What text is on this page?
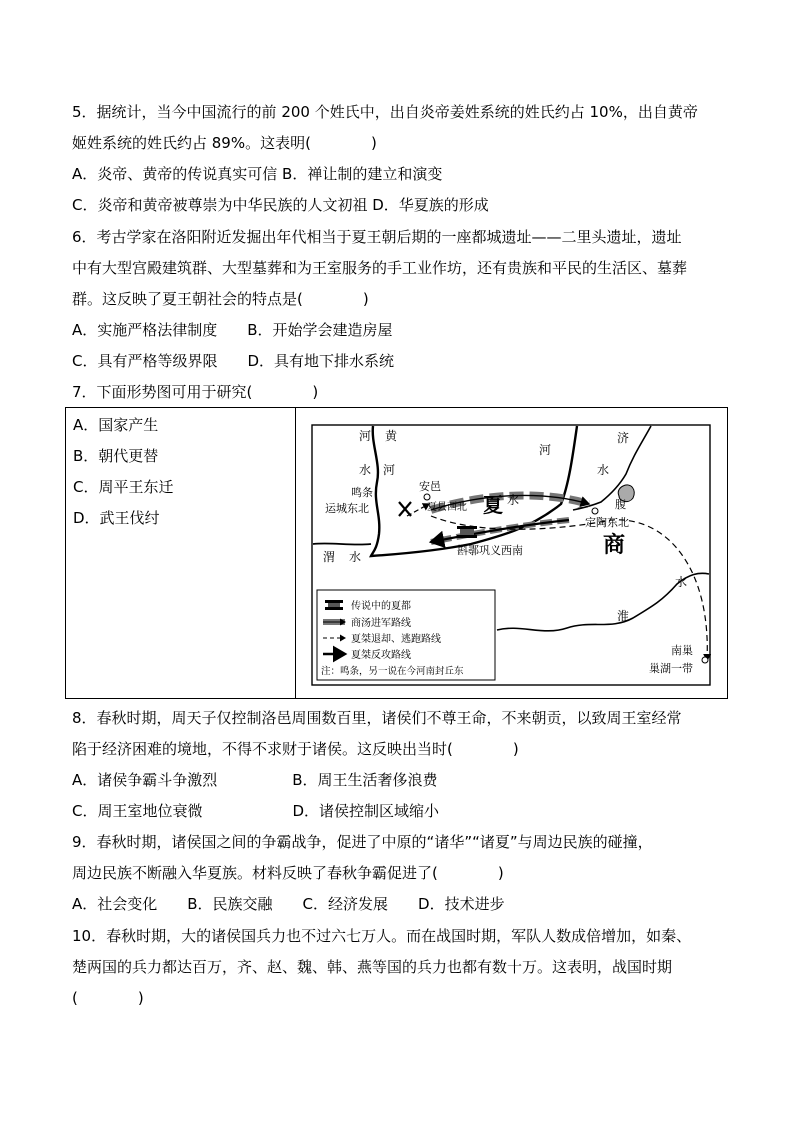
5．据统计，当今中国流行的前 200 个姓氏中，出自炎帝姜姓系统的姓氏约占 10%，出自黄帝
姬姓系统的姓氏约占 89%。这表明(　　　　)
A．炎帝、黄帝的传说真实可信 B．禅让制的建立和演变
C．炎帝和黄帝被尊崇为中华民族的人文初祖 D．华夏族的形成
6．考古学家在洛阳附近发掘出年代相当于夏王朝后期的一座都城遗址——二里头遗址，遗址
中有大型宫殿建筑群、大型墓葬和为王室服务的手工业作坊，还有贵族和平民的生活区、墓葬
群。这反映了夏王朝社会的特点是(　　　　)
A．实施严格法律制度　　B．开始学会建造房屋
C．具有严格等级界限　　D．具有地下排水系统
7．下面形势图可用于研究(　　　　)
A．国家产生
B．朝代更替
C．周平王东迁
D．武王伐纣
河 黄
河
济
水 河
水
水
渭 水
淮
水
安邑
鸣条
运城东北	夏县西北 夏	二 腹
定陶东北
商
斟鄩巩义西南
南巢
巢湖一带
传说中的夏都
商汤进军路线
夏桀退却、逃跑路线
夏桀反攻路线
注：鸣条，另一说在今河南封丘东
8．春秋时期，周天子仅控制洛邑周围数百里，诸侯们不尊王命，不来朝贡，以致周王室经常
陷于经济困难的境地，不得不求财于诸侯。这反映出当时(　　　　)
A．诸侯争霸斗争激烈　　　　　B．周王生活奢侈浪费
C．周王室地位衰微　　　　　　D．诸侯控制区域缩小
9．春秋时期，诸侯国之间的争霸战争，促进了中原的“诸华”“诸夏”与周边民族的碰撞，
周边民族不断融入华夏族。材料反映了春秋争霸促进了(　　　　)
A．社会变化　　B．民族交融　　C．经济发展　　D．技术进步
10．春秋时期，大的诸侯国兵力也不过六七万人。而在战国时期，军队人数成倍增加，如秦、
楚两国的兵力都达百万，齐、赵、魏、韩、燕等国的兵力也都有数十万。这表明，战国时期
(　　　　)
